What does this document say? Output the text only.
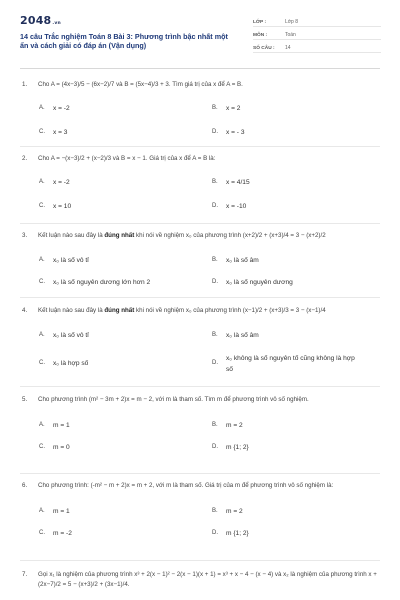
2048.vn
14 câu Trắc nghiệm Toán 8 Bài 3: Phương trình bậc nhất một ẩn và cách giải có đáp án (Vận dụng)
LỚP :	Lớp 8
MÔN :	Toán
SỐ CÂU :	14
1.	Cho A = (4x−3)/5 − (6x−2)/7 và B = (5x−4)/3 + 3. Tìm giá trị của x để A = B.
A.	x = -2	B.	x = 2
C.	x = 3	D.	x = - 3
2.	Cho A = −(x−3)/2 + (x−2)/3 và B = x − 1. Giá trị của x để A = B là:
A.	x = -2	B.	x = 4/15
C.	x = 10	D.	x = -10
3.	Kết luận nào sau đây là đúng nhất khi nói về nghiệm x₀ của phương trình (x+2)/2 + (x+3)/4 = 3 − (x+2)/2
A.	x₀ là số vô tỉ	B.	x₀ là số âm
C.	x₀ là số nguyên dương lớn hơn 2	D.	x₀ là số nguyên dương
4.	Kết luận nào sau đây là đúng nhất khi nói về nghiệm x₀ của phương trình (x−1)/2 + (x+3)/3 = 3 − (x−1)/4
A.	x₀ là số vô tỉ	B.	x₀ là số âm
C.	x₀ là hợp số	D.
x₀ không là số nguyên tố cũng không là hợp số
5.	Cho phương trình (m² − 3m + 2)x = m − 2, với m là tham số. Tìm m để phương trình vô số nghiệm.
A.	m = 1	B.	m = 2
C.	m = 0	D.	m {1; 2}
6.	Cho phương trình: (-m² − m + 2)x = m + 2, với m là tham số. Giá trị của m để phương trình vô số nghiệm là:
A.	m = 1	B.	m = 2
C.	m = -2	D.	m {1; 2}
7.	Gọi x₁ là nghiệm của phương trình x³ + 2(x − 1)² − 2(x − 1)(x + 1) = x³ + x − 4 − (x − 4) và x₂ là nghiệm của phương trình x + (2x−7)/2 = 5 − (x+3)/2 + (3x−1)/4.
